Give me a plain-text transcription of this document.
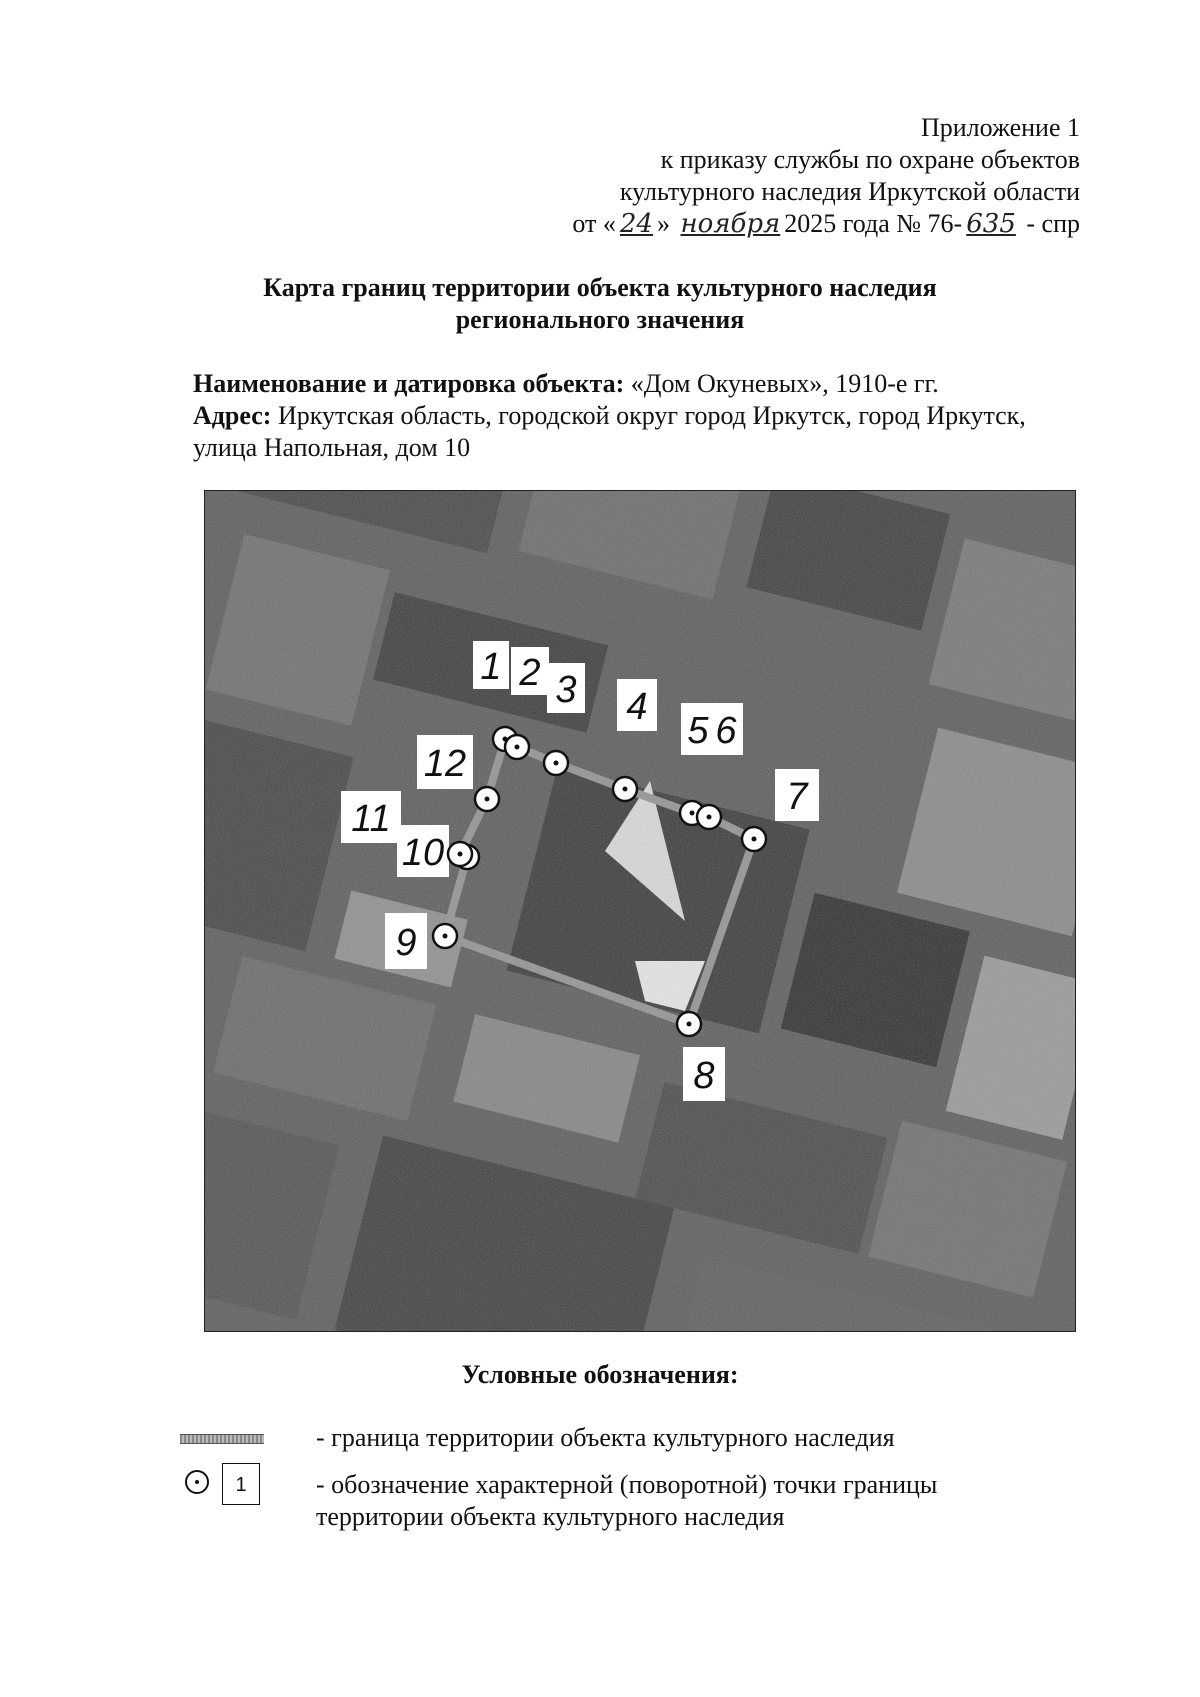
Приложение 1
к приказу службы по охране объектов
культурного наследия Иркутской области
от « 24 » ноября 2025 года № 76- 635 - спр
Карта границ территории объекта культурного наследия
регионального значения
Наименование и датировка объекта: «Дом Окуневых», 1910-е гг.
Адрес: Иркутская область, городской округ город Иркутск, город Иркутск, улица Напольная, дом 10
1 2 3 4
5 6
7
8
9
10
11
12
Условные обозначения:
- граница территории объекта культурного наследия
1	- обозначение характерной (поворотной) точки границы территории объекта культурного наследия
